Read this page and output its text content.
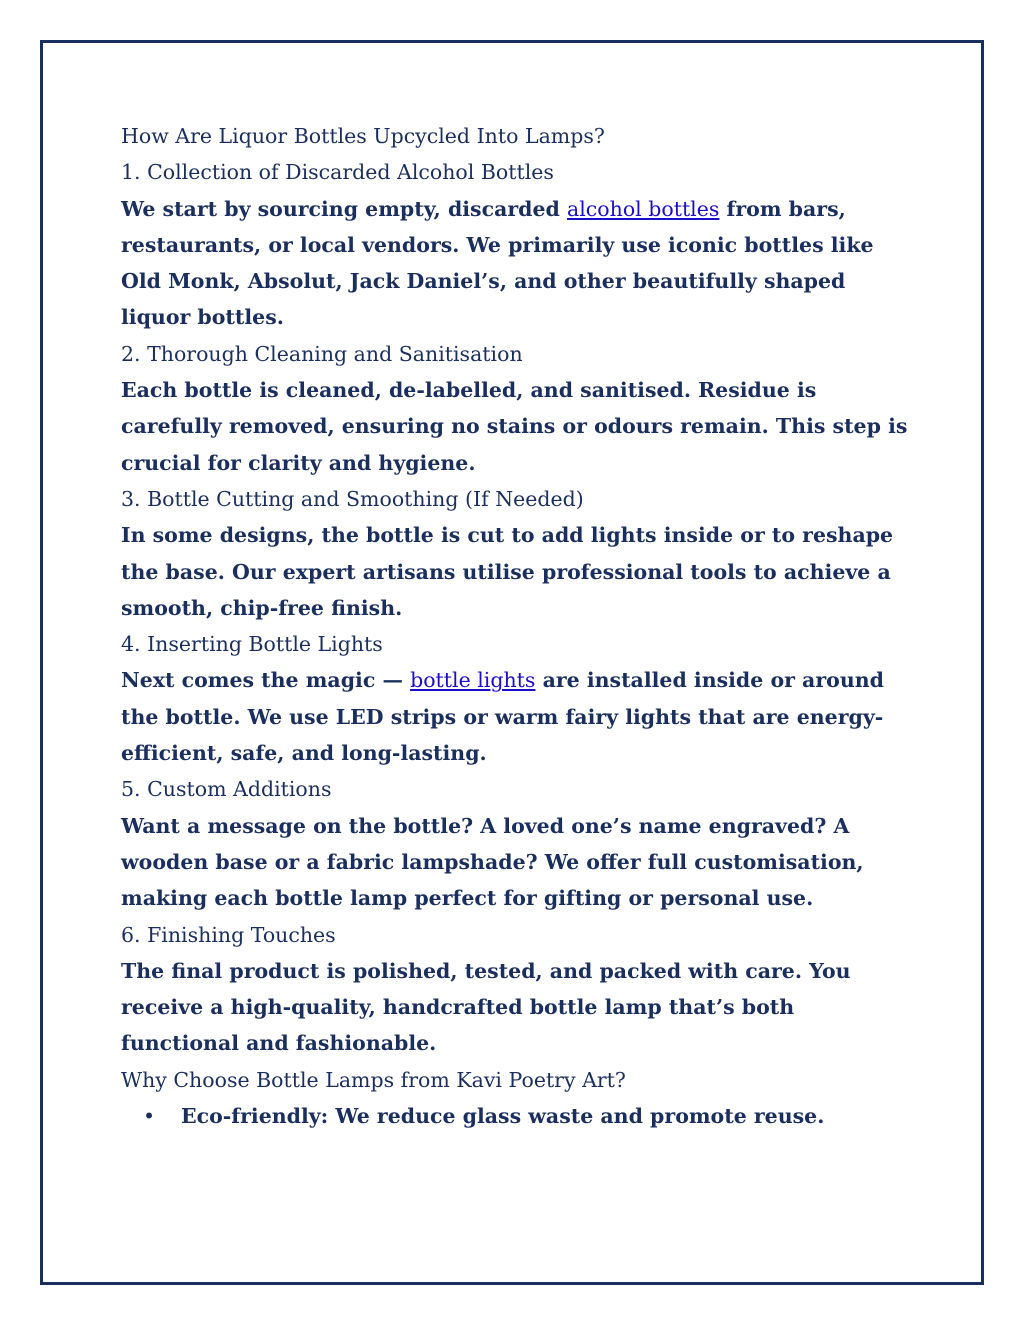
How Are Liquor Bottles Upcycled Into Lamps?

1. Collection of Discarded Alcohol Bottles

We start by sourcing empty, discarded alcohol bottles from bars, restaurants, or local vendors. We primarily use iconic bottles like Old Monk, Absolut, Jack Daniel’s, and other beautifully shaped liquor bottles.

2. Thorough Cleaning and Sanitisation

Each bottle is cleaned, de-labelled, and sanitised. Residue is carefully removed, ensuring no stains or odours remain. This step is crucial for clarity and hygiene.

3. Bottle Cutting and Smoothing (If Needed)

In some designs, the bottle is cut to add lights inside or to reshape the base. Our expert artisans utilise professional tools to achieve a smooth, chip-free finish.

4. Inserting Bottle Lights

Next comes the magic — bottle lights are installed inside or around the bottle. We use LED strips or warm fairy lights that are energy-efficient, safe, and long-lasting.

5. Custom Additions

Want a message on the bottle? A loved one’s name engraved? A wooden base or a fabric lampshade? We offer full customisation, making each bottle lamp perfect for gifting or personal use.

6. Finishing Touches

The final product is polished, tested, and packed with care. You receive a high-quality, handcrafted bottle lamp that’s both functional and fashionable.

Why Choose Bottle Lamps from Kavi Poetry Art?

• Eco-friendly: We reduce glass waste and promote reuse.
